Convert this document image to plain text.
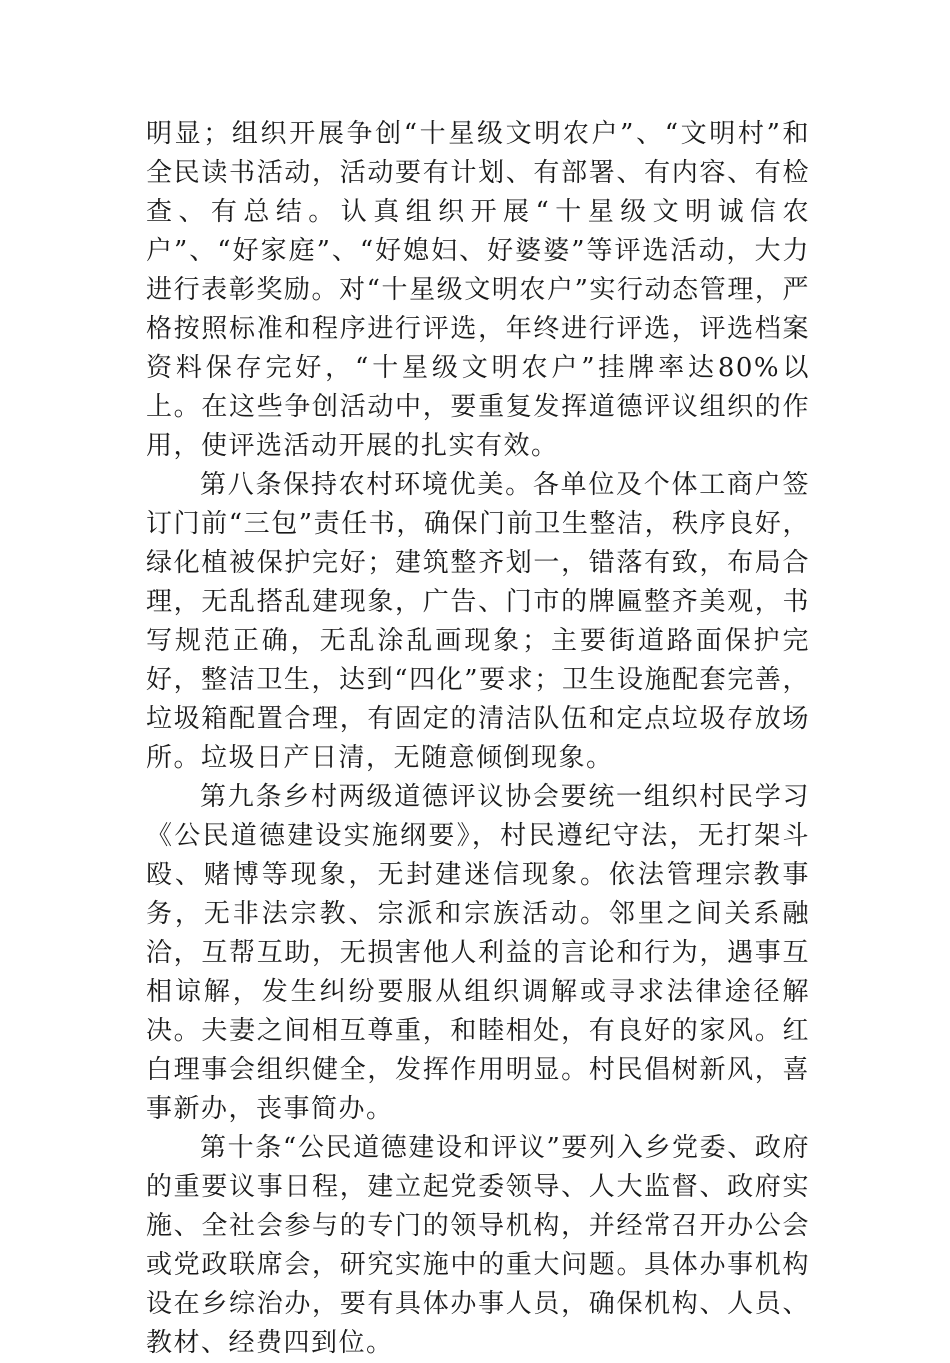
明显；组织开展争创“十星级文明农户”、“文明村”和全民读书活动，活动要有计划、有部署、有内容、有检查、有总结。认真组织开展“十星级文明诚信农户”、“好家庭”、“好媳妇、好婆婆”等评选活动，大力进行表彰奖励。对“十星级文明农户”实行动态管理，严格按照标准和程序进行评选，年终进行评选，评选档案资料保存完好，“十星级文明农户”挂牌率达80%以上。在这些争创活动中，要重复发挥道德评议组织的作用，使评选活动开展的扎实有效。

第八条保持农村环境优美。各单位及个体工商户签订门前“三包”责任书，确保门前卫生整洁，秩序良好，绿化植被保护完好；建筑整齐划一，错落有致，布局合理，无乱搭乱建现象，广告、门市的牌匾整齐美观，书写规范正确，无乱涂乱画现象；主要街道路面保护完好，整洁卫生，达到“四化”要求；卫生设施配套完善，垃圾箱配置合理，有固定的清洁队伍和定点垃圾存放场所。垃圾日产日清，无随意倾倒现象。

第九条乡村两级道德评议协会要统一组织村民学习《公民道德建设实施纲要》，村民遵纪守法，无打架斗殴、赌博等现象，无封建迷信现象。依法管理宗教事务，无非法宗教、宗派和宗族活动。邻里之间关系融洽，互帮互助，无损害他人利益的言论和行为，遇事互相谅解，发生纠纷要服从组织调解或寻求法律途径解决。夫妻之间相互尊重，和睦相处，有良好的家风。红白理事会组织健全，发挥作用明显。村民倡树新风，喜事新办，丧事简办。

第十条“公民道德建设和评议”要列入乡党委、政府的重要议事日程，建立起党委领导、人大监督、政府实施、全社会参与的专门的领导机构，并经常召开办公会或党政联席会，研究实施中的重大问题。具体办事机构设在乡综治办，要有具体办事人员，确保机构、人员、教材、经费四到位。
